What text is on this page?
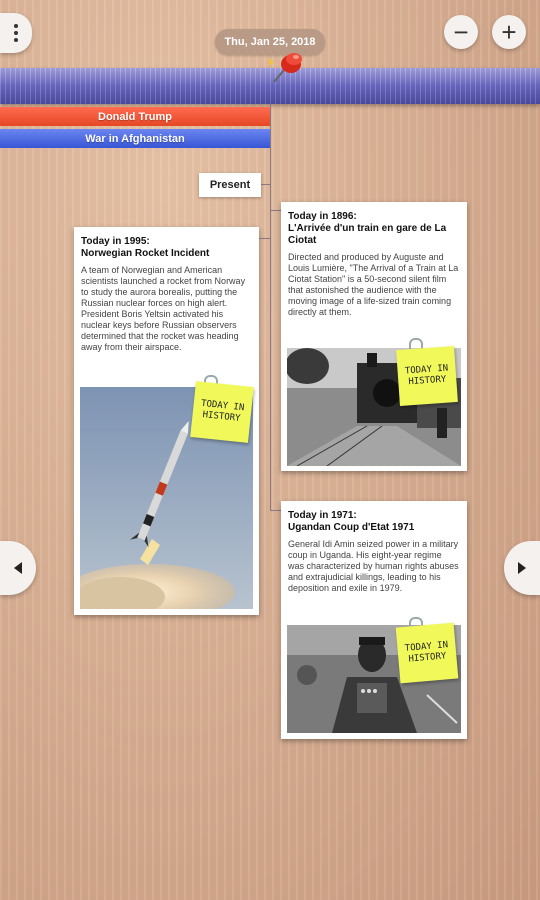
Thu, Jan 25, 2018	− +
Donald Trump
War in Afghanistan
Present
Today in 1995:
Norwegian Rocket Incident
A team of Norwegian and American scientists launched a rocket from Norway to study the aurora borealis, putting the Russian nuclear forces on high alert. President Boris Yeltsin activated his nuclear keys before Russian observers determined that the rocket was heading away from their airspace.
TODAY IN HISTORY
Today in 1896:
L'Arrivée d'un train en gare de La Ciotat
Directed and produced by Auguste and Louis Lumière, "The Arrival of a Train at La Ciotat Station" is a 50-second silent film that astonished the audience with the moving image of a life-sized train coming directly at them.
TODAY IN HISTORY
Today in 1971:
Ugandan Coup d'Etat 1971
General Idi Amin seized power in a military coup in Uganda. His eight-year regime was characterized by human rights abuses and extrajudicial killings, leading to his deposition and exile in 1979.
TODAY IN HISTORY
